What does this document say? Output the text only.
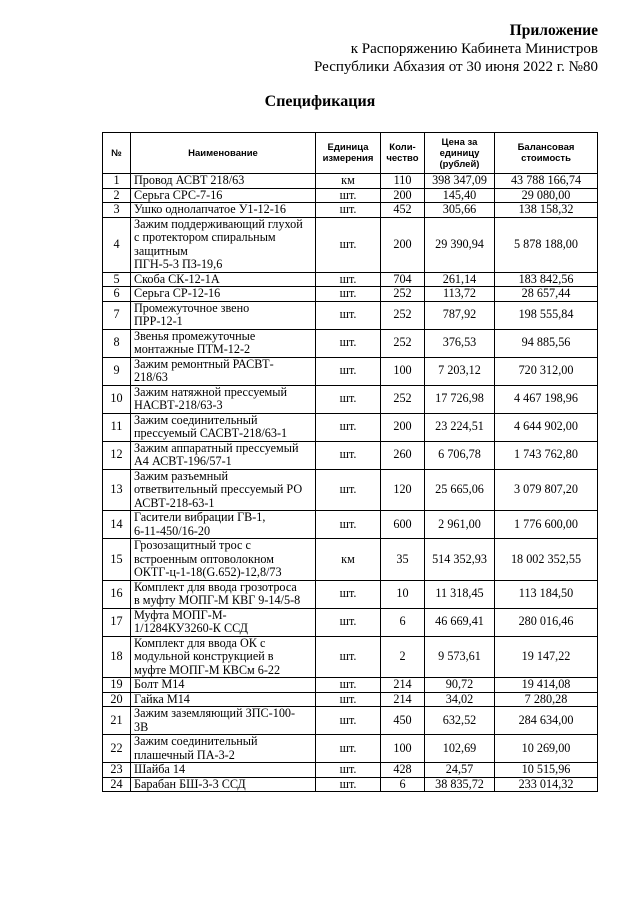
Приложение
к Распоряжению Кабинета Министров
Республики Абхазия от 30 июня 2022 г. №80
Спецификация
№	Наименование	Единица измерения	Коли-чество	Цена за единицу (рублей)	Балансовая стоимость
1	Провод АСВТ 218/63	км	110	398 347,09	43 788 166,74
2	Серьга СРС-7-16	шт.	200	145,40	29 080,00
3	Ушко однолапчатое У1-12-16	шт.	452	305,66	138 158,32
4	Зажим поддерживающий глухой
с протектором спиральным
защитным
ПГН-5-3 ПЗ-19,6	шт.	200	29 390,94	5 878 188,00
5	Скоба СК-12-1А	шт.	704	261,14	183 842,56
6	Серьга СР-12-16	шт.	252	113,72	28 657,44
7	Промежуточное звено
ПРР-12-1	шт.	252	787,92	198 555,84
8	Звенья промежуточные
монтажные ПТМ-12-2	шт.	252	376,53	94 885,56
9	Зажим ремонтный РАСВТ-
218/63	шт.	100	7 203,12	720 312,00
10	Зажим натяжной прессуемый
НАСВТ-218/63-3	шт.	252	17 726,98	4 467 198,96
11	Зажим соединительный
прессуемый САСВТ-218/63-1	шт.	200	23 224,51	4 644 902,00
12	Зажим аппаратный прессуемый
А4 АСВТ-196/57-1	шт.	260	6 706,78	1 743 762,80
13	Зажим разъемный
ответвительный прессуемый РО
АСВТ-218-63-1	шт.	120	25 665,06	3 079 807,20
14	Гасители вибрации ГВ-1,
6-11-450/16-20	шт.	600	2 961,00	1 776 600,00
15	Грозозащитный трос с
встроенным оптоволокном
ОКТГ-ц-1-18(G.652)-12,8/73	км	35	514 352,93	18 002 352,55
16	Комплект для ввода грозотроса
в муфту МОПГ-М КВГ 9-14/5-8	шт.	10	11 318,45	113 184,50
17	Муфта МОПГ-М-
1/1284КУ3260-К ССД	шт.	6	46 669,41	280 016,46
18	Комплект для ввода ОК с
модульной конструкцией в
муфте МОПГ-М КВСм 6-22	шт.	2	9 573,61	19 147,22
19	Болт М14	шт.	214	90,72	19 414,08
20	Гайка М14	шт.	214	34,02	7 280,28
21	Зажим заземляющий ЗПС-100-
3В	шт.	450	632,52	284 634,00
22	Зажим соединительный
плашечный ПА-3-2	шт.	100	102,69	10 269,00
23	Шайба 14	шт.	428	24,57	10 515,96
24	Барабан БШ-3-3 ССД	шт.	6	38 835,72	233 014,32
